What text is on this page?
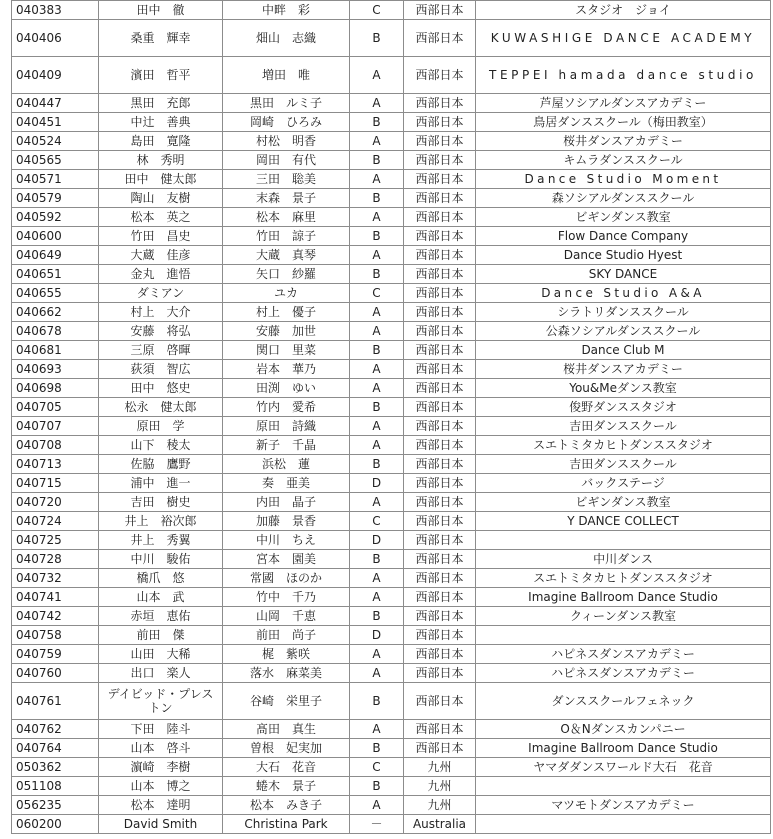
040383	田中　徹	中畔　彩	C	西部日本	スタジオ　ジョイ
040406	桑重　輝幸	畑山　志織	B	西部日本	KUWASHIGE DANCE ACADEMY
040409	濱田　哲平	増田　唯	A	西部日本	TEPPEI hamada dance studio
040447	黒田　充郎	黒田　ルミ子	A	西部日本	芦屋ソシアルダンスアカデミー
040451	中辻　善典	岡崎　ひろみ	B	西部日本	鳥居ダンススクール（梅田教室）
040524	島田　寛隆	村松　明香	A	西部日本	桜井ダンスアカデミー
040565	林　秀明	岡田　有代	B	西部日本	キムラダンススクール
040571	田中　健太郎	三田　聡美	A	西部日本	Dance Studio Moment
040579	陶山　友樹	末森　景子	B	西部日本	森ソシアルダンススクール
040592	松本　英之	松本　麻里	A	西部日本	ビギンダンス教室
040600	竹田　昌史	竹田　諒子	B	西部日本	Flow Dance Company
040649	大蔵　佳彦	大蔵　真琴	A	西部日本	Dance Studio Hyest
040651	金丸　進悟	矢口　紗羅	B	西部日本	SKY DANCE
040655	ダミアン	ユカ	C	西部日本	Dance Studio A&A
040662	村上　大介	村上　優子	A	西部日本	シラトリダンススクール
040678	安藤　将弘	安藤　加世	A	西部日本	公森ソシアルダンススクール
040681	三原　啓暉	関口　里菜	B	西部日本	Dance Club M
040693	荻須　智広	岩本　華乃	A	西部日本	桜井ダンスアカデミー
040698	田中　悠史	田渕　ゆい	A	西部日本	You&Meダンス教室
040705	松永　健太郎	竹内　愛希	B	西部日本	俊野ダンススタジオ
040707	原田　学	原田　詩織	A	西部日本	吉田ダンススクール
040708	山下　稜太	新子　千晶	A	西部日本	スエトミタカヒトダンススタジオ
040713	佐脇　鷹野	浜松　蓮	B	西部日本	吉田ダンススクール
040715	浦中　進一	奏　亜美	D	西部日本	バックステージ
040720	吉田　樹史	内田　晶子	A	西部日本	ビギンダンス教室
040724	井上　裕次郎	加藤　景香	C	西部日本	Y DANCE COLLECT
040725	井上　秀翼	中川　ちえ	D	西部日本	
040728	中川　駿佑	宮本　園美	B	西部日本	中川ダンス
040732	橋爪　悠	常國　ほのか	A	西部日本	スエトミタカヒトダンススタジオ
040741	山本　武	竹中　千乃	A	西部日本	Imagine Ballroom Dance Studio
040742	赤垣　恵佑	山岡　千恵	B	西部日本	クィーンダンス教室
040758	前田　傑	前田　尚子	D	西部日本	
040759	山田　大稀	梶　紫咲	A	西部日本	ハピネスダンスアカデミー
040760	出口　楽人	落水　麻菜美	A	西部日本	ハピネスダンスアカデミー
040761	デイビッド・プレストン	谷崎　栄里子	B	西部日本	ダンススクールフェネック
040762	下田　陸斗	髙田　真生	A	西部日本	O＆Nダンスカンパニー
040764	山本　啓斗	曽根　妃実加	B	西部日本	Imagine Ballroom Dance Studio
050362	濵崎　李樹	大石　花音	C	九州	ヤマダダンスワールド大石　花音
051108	山本　博之	蜷木　景子	B	九州	
056235	松本　達明	松本　みき子	A	九州	マツモトダンスアカデミー
060200	David Smith	Christina Park	－	Australia	
